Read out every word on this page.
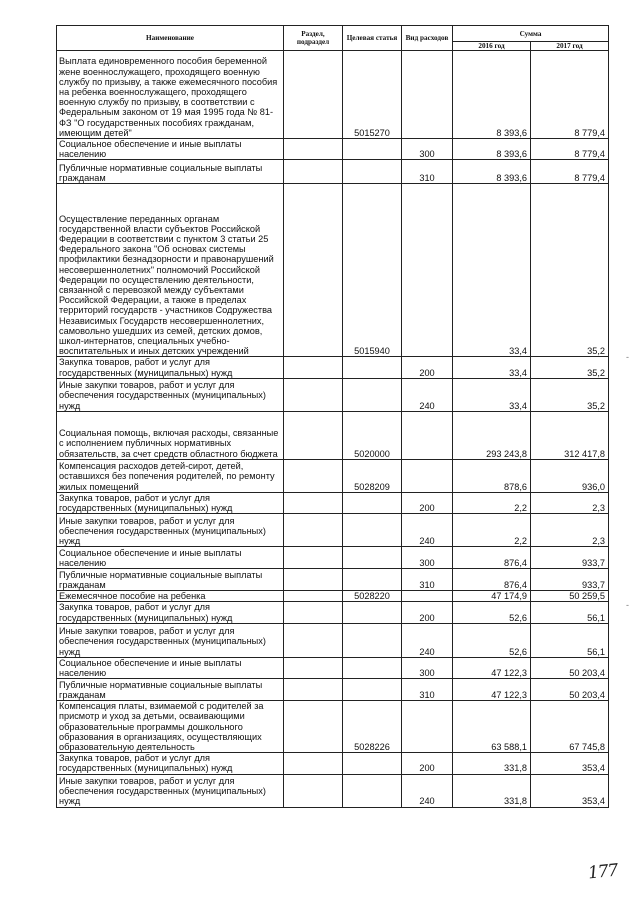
Наименование	Раздел, подраздел	Целевая статья	Вид расходов	Сумма	
				2016 год	2017 год
Выплата единовременного пособия беременной жене военнослужащего, проходящего военную службу по призыву, а также ежемесячного пособия на ребенка военнослужащего, проходящего военную службу по призыву, в соответствии с Федеральным законом от 19 мая 1995 года № 81-ФЗ "О государственных пособиях гражданам, имеющим детей"		5015270		8 393,6	8 779,4
Социальное обеспечение и иные выплаты населению			300	8 393,6	8 779,4
Публичные нормативные социальные выплаты гражданам			310	8 393,6	8 779,4
Осуществление переданных органам государственной власти субъектов Российской Федерации в соответствии с пунктом 3 статьи 25 Федерального закона "Об основах системы профилактики безнадзорности и правонарушений несовершеннолетних" полномочий Российской Федерации по осуществлению деятельности, связанной с перевозкой между субъектами Российской Федерации, а также в пределах территорий государств - участников Содружества Независимых Государств несовершеннолетних, самовольно ушедших из семей, детских домов, школ-интернатов, специальных учебно-воспитательных и иных детских учреждений		5015940		33,4	35,2
Закупка товаров, работ и услуг для государственных (муниципальных) нужд			200	33,4	35,2
Иные закупки товаров, работ и услуг для обеспечения государственных (муниципальных) нужд			240	33,4	35,2
Социальная помощь, включая расходы, связанные с исполнением публичных нормативных обязательств, за счет средств областного бюджета		5020000		293 243,8	312 417,8
Компенсация расходов детей-сирот, детей, оставшихся без попечения родителей, по ремонту жилых помещений		5028209		878,6	936,0
Закупка товаров, работ и услуг для государственных (муниципальных) нужд			200	2,2	2,3
Иные закупки товаров, работ и услуг для обеспечения государственных (муниципальных) нужд			240	2,2	2,3
Социальное обеспечение и иные выплаты населению			300	876,4	933,7
Публичные нормативные социальные выплаты гражданам			310	876,4	933,7
Ежемесячное пособие на ребенка		5028220		47 174,9	50 259,5
Закупка товаров, работ и услуг для государственных (муниципальных) нужд			200	52,6	56,1
Иные закупки товаров, работ и услуг для обеспечения государственных (муниципальных) нужд			240	52,6	56,1
Социальное обеспечение и иные выплаты населению			300	47 122,3	50 203,4
Публичные нормативные социальные выплаты гражданам			310	47 122,3	50 203,4
Компенсация платы, взимаемой с родителей за присмотр и уход за детьми, осваивающими образовательные программы дошкольного образования в организациях, осуществляющих образовательную деятельность		5028226		63 588,1	67 745,8
Закупка товаров, работ и услуг для государственных (муниципальных) нужд			200	331,8	353,4
Иные закупки товаров, работ и услуг для обеспечения государственных (муниципальных) нужд			240	331,8	353,4
177
-
-
